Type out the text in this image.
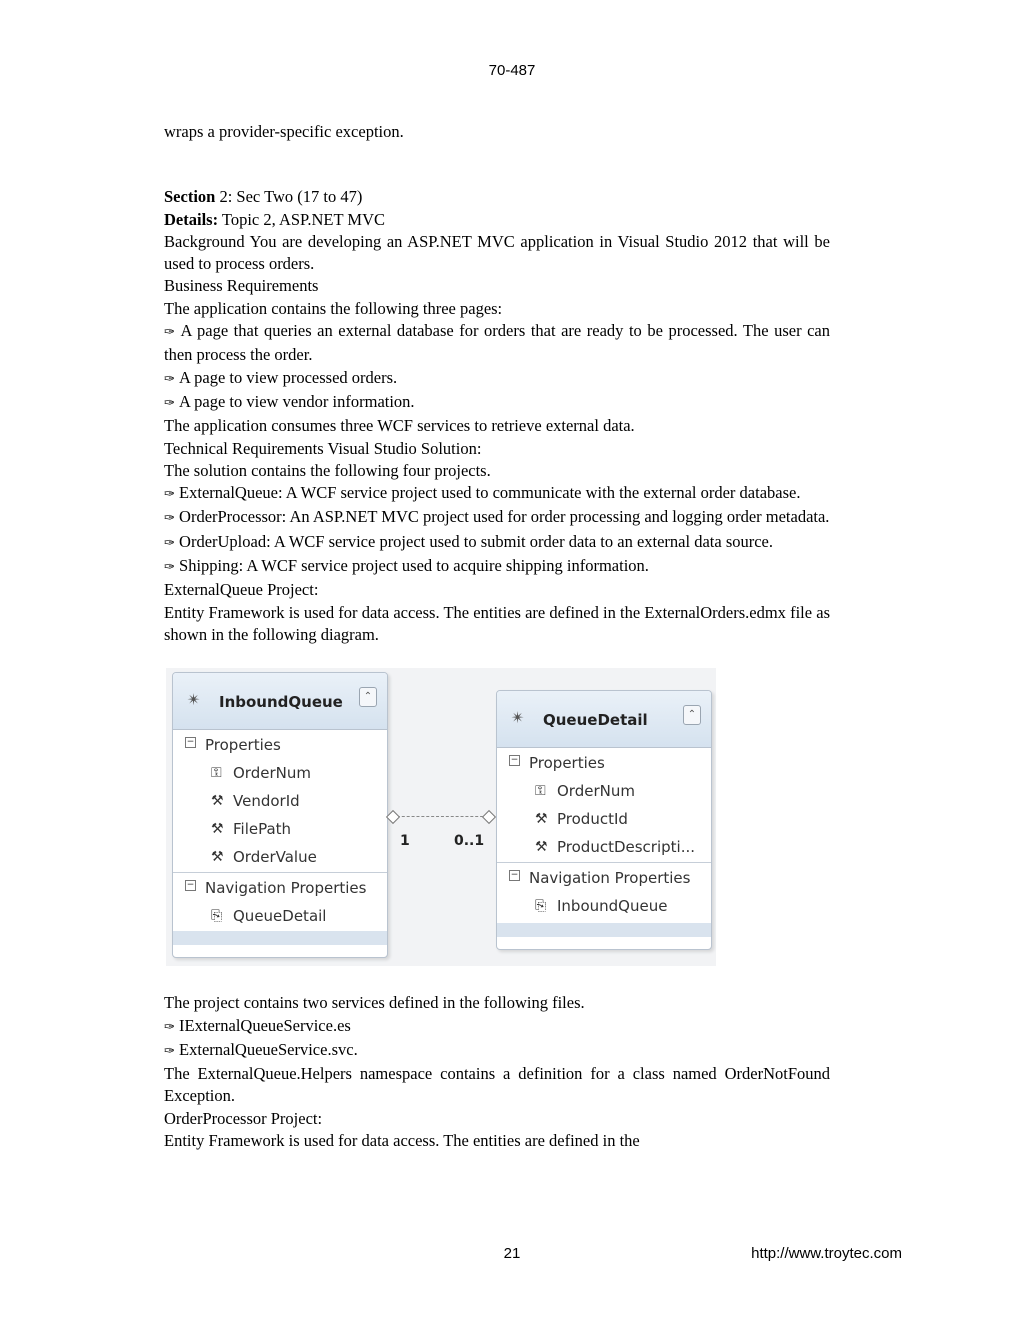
70-487

wraps a provider-specific exception.

Section 2: Sec Two (17 to 47)

Details: Topic 2, ASP.NET MVC

Background You are developing an ASP.NET MVC application in Visual Studio 2012 that will be used to process orders.

Business Requirements

The application contains the following three pages:

✑ A page that queries an external database for orders that are ready to be processed. The user can then process the order.

✑ A page to view processed orders.

✑ A page to view vendor information.

The application consumes three WCF services to retrieve external data.

Technical Requirements Visual Studio Solution:

The solution contains the following four projects.

✑ ExternalQueue: A WCF service project used to communicate with the external order database.

✑ OrderProcessor: An ASP.NET MVC project used for order processing and logging order metadata.

✑ OrderUpload: A WCF service project used to submit order data to an external data source.

✑ Shipping: A WCF service project used to acquire shipping information.

ExternalQueue Project:

Entity Framework is used for data access. The entities are defined in the ExternalOrders.edmx file as shown in the following diagram.

✴ InboundQueue	⌃
− Properties
⚿ OrderNum
⚒ VendorId
⚒ FilePath
⚒ OrderValue
− Navigation Properties
⎘ QueueDetail
1	0..1
✴ QueueDetail	⌃
− Properties
⚿ OrderNum
⚒ ProductId
⚒ ProductDescripti...
− Navigation Properties
⎘ InboundQueue

The project contains two services defined in the following files.

✑ IExternalQueueService.es

✑ ExternalQueueService.svc.

The ExternalQueue.Helpers namespace contains a definition for a class named OrderNotFound Exception.

OrderProcessor Project:

Entity Framework is used for data access. The entities are defined in the

21	http://www.troytec.com
